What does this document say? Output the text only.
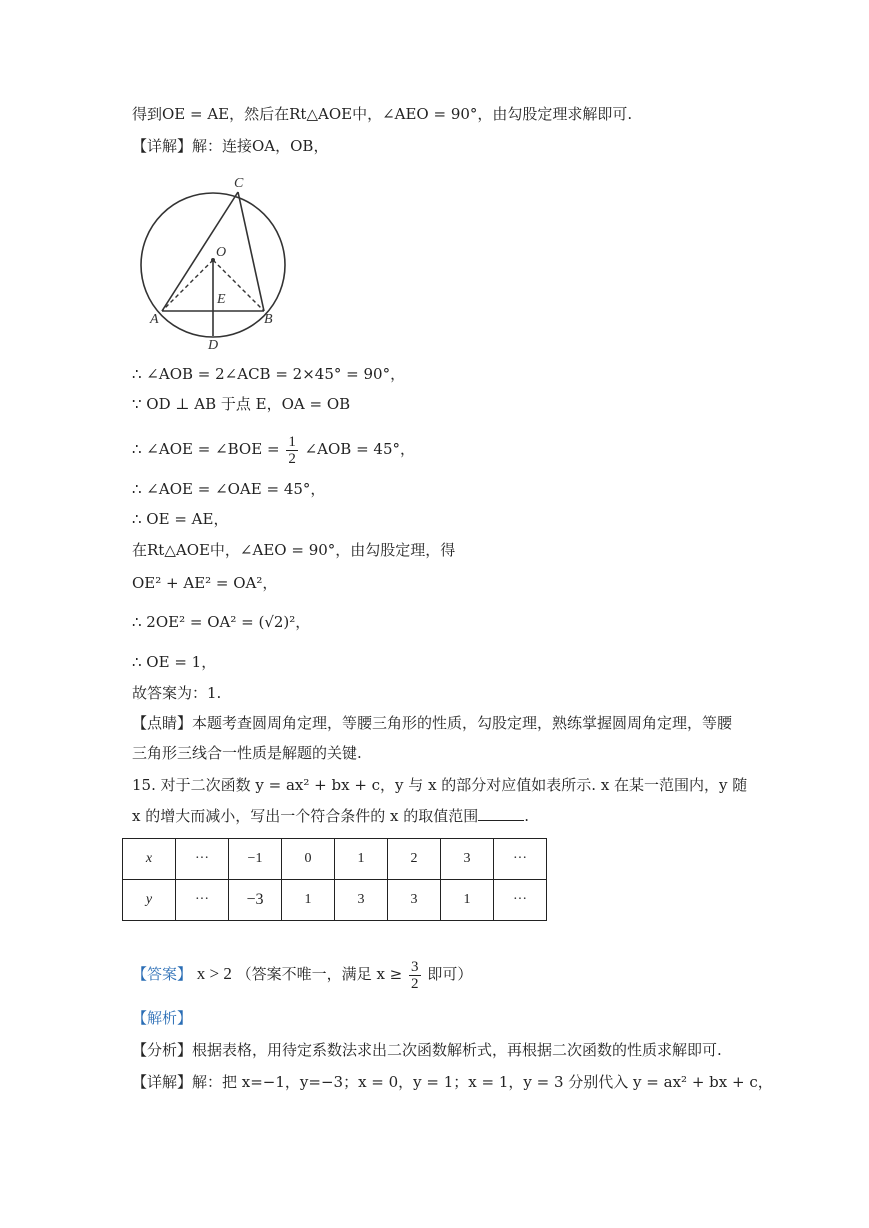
得到OE = AE，然后在Rt△AOE中，∠AEO = 90°，由勾股定理求解即可.
【详解】解：连接OA，OB，
C
O
E
A	B
D
∴ ∠AOB = 2∠ACB = 2×45° = 90°，
∵ OD ⊥ AB 于点 E，OA = OB
∴ ∠AOE = ∠BOE = $\frac{1}{2}$ ∠AOB = 45°，
∴ ∠AOE = ∠OAE = 45°，
∴ OE = AE，
在Rt△AOE中，∠AEO = 90°，由勾股定理，得
OE² + AE² = OA²，
∴ 2OE² = OA² = (√2)²，
∴ OE = 1，
故答案为：1.
【点睛】本题考查圆周角定理，等腰三角形的性质，勾股定理，熟练掌握圆周角定理，等腰
三角形三线合一性质是解题的关键.
15. 对于二次函数 y = ax² + bx + c，y 与 x 的部分对应值如表所示. x 在某一范围内，y 随
x 的增大而减小，写出一个符合条件的 x 的取值范围	.
x	···	−1	0	1	2	3	···
y	···	−3	1	3	3	1	···
【答案】 x > 2 （答案不唯一，满足 $x \ge \frac{3}{2}$ 即可）
【解析】
【分析】根据表格，用待定系数法求出二次函数解析式，再根据二次函数的性质求解即可.
【详解】解：把 x=−1，y=−3；x = 0，y = 1；x = 1，y = 3 分别代入 y = ax² + bx + c，
